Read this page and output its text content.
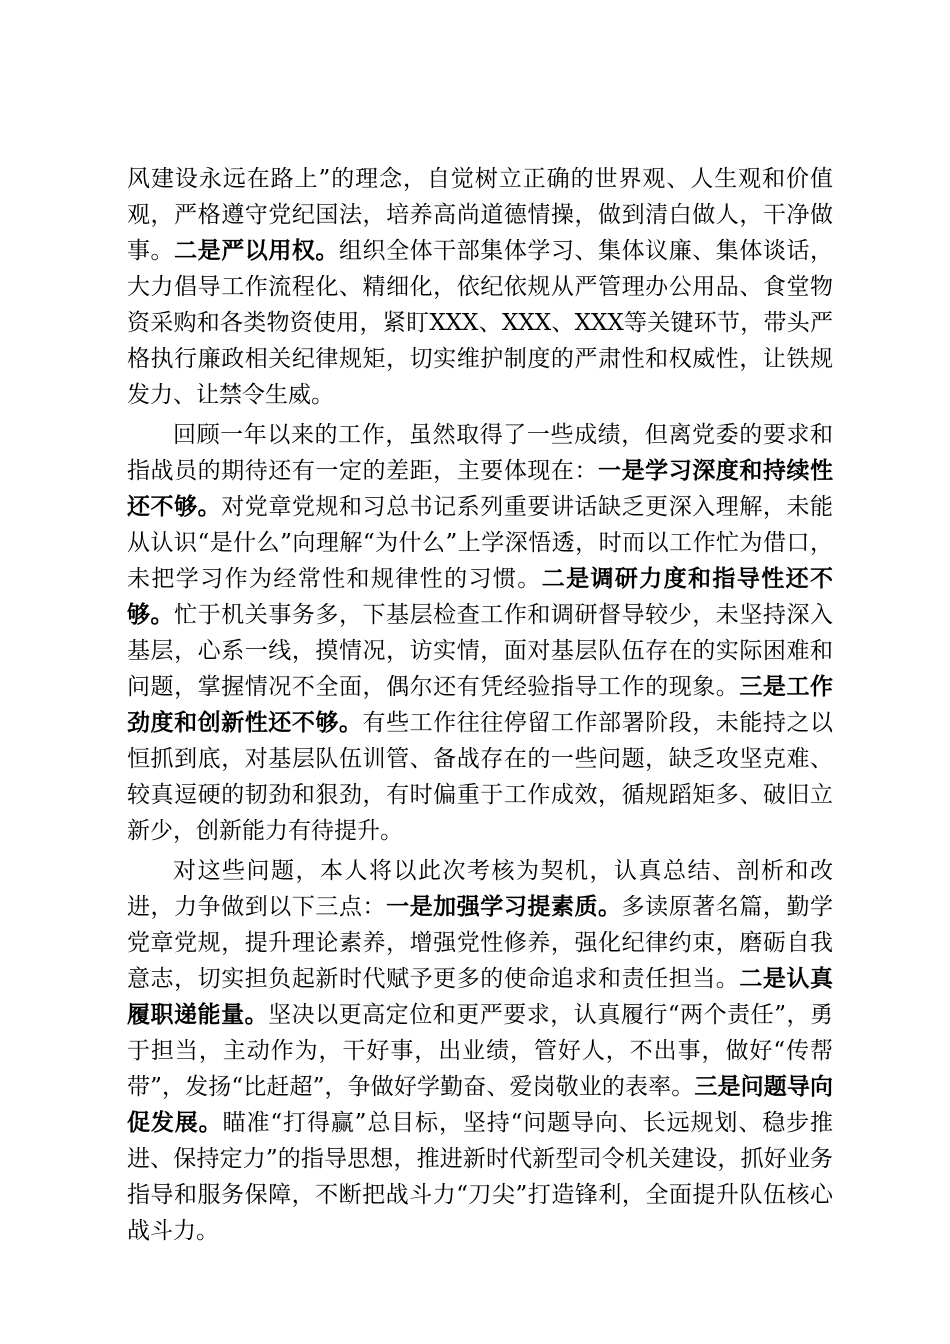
风建设永远在路上”的理念，自觉树立正确的世界观、人生观和价值观，严格遵守党纪国法，培养高尚道德情操，做到清白做人，干净做事。二是严以用权。组织全体干部集体学习、集体议廉、集体谈话，大力倡导工作流程化、精细化，依纪依规从严管理办公用品、食堂物资采购和各类物资使用，紧盯XXX、XXX、XXX等关键环节，带头严格执行廉政相关纪律规矩，切实维护制度的严肃性和权威性，让铁规发力、让禁令生威。

回顾一年以来的工作，虽然取得了一些成绩，但离党委的要求和指战员的期待还有一定的差距，主要体现在：一是学习深度和持续性还不够。对党章党规和习总书记系列重要讲话缺乏更深入理解，未能从认识“是什么”向理解“为什么”上学深悟透，时而以工作忙为借口，未把学习作为经常性和规律性的习惯。二是调研力度和指导性还不够。忙于机关事务多，下基层检查工作和调研督导较少，未坚持深入基层，心系一线，摸情况，访实情，面对基层队伍存在的实际困难和问题，掌握情况不全面，偶尔还有凭经验指导工作的现象。三是工作劲度和创新性还不够。有些工作往往停留工作部署阶段，未能持之以恒抓到底，对基层队伍训管、备战存在的一些问题，缺乏攻坚克难、较真逗硬的韧劲和狠劲，有时偏重于工作成效，循规蹈矩多、破旧立新少，创新能力有待提升。

对这些问题，本人将以此次考核为契机，认真总结、剖析和改进，力争做到以下三点：一是加强学习提素质。多读原著名篇，勤学党章党规，提升理论素养，增强党性修养，强化纪律约束，磨砺自我意志，切实担负起新时代赋予更多的使命追求和责任担当。二是认真履职递能量。坚决以更高定位和更严要求，认真履行“两个责任”，勇于担当，主动作为，干好事，出业绩，管好人，不出事，做好“传帮带”，发扬“比赶超”，争做好学勤奋、爱岗敬业的表率。三是问题导向促发展。瞄准“打得赢”总目标，坚持“问题导向、长远规划、稳步推进、保持定力”的指导思想，推进新时代新型司令机关建设，抓好业务指导和服务保障，不断把战斗力“刀尖”打造锋利，全面提升队伍核心战斗力。
